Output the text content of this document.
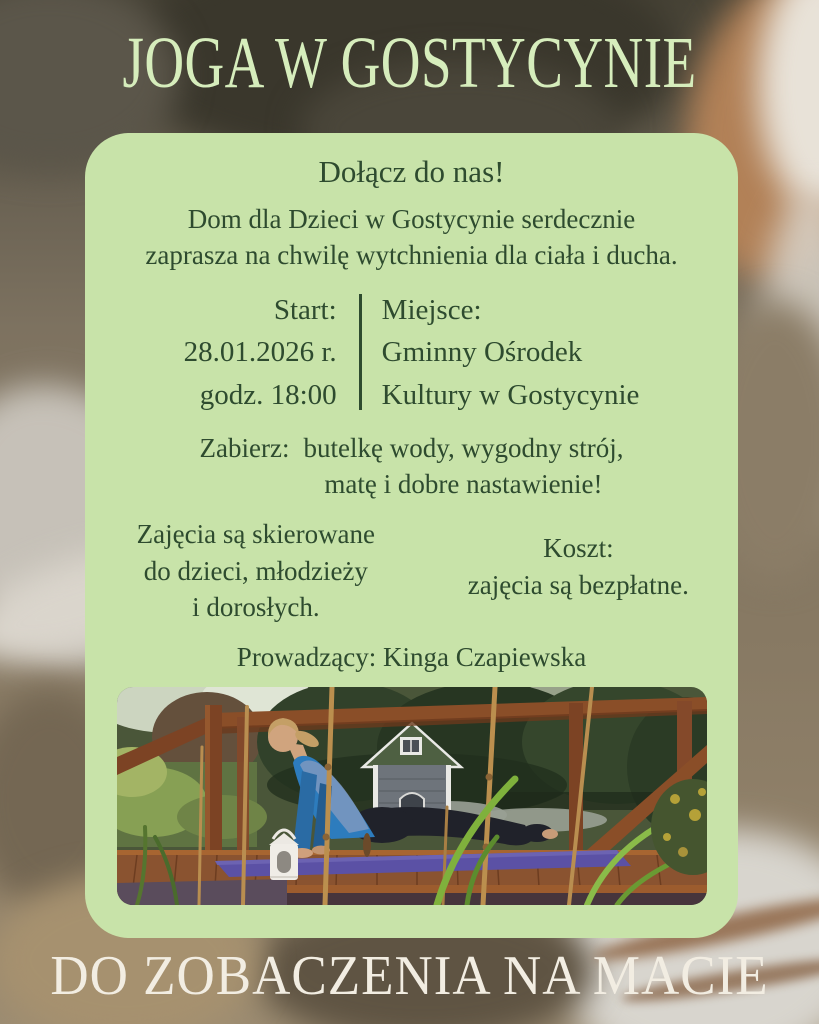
JOGA W GOSTYCYNIE
Dołącz do nas!
Dom dla Dzieci w Gostycynie serdecznie
zaprasza na chwilę wytchnienia dla ciała i ducha.
Start:
28.01.2026 r.
godz. 18:00
Miejsce:
Gminny Ośrodek
Kultury w Gostycynie
Zabierz: butelkę wody, wygodny strój,
matę i dobre nastawienie!
Zajęcia są skierowane
do dzieci, młodzieży
i dorosłych.
Koszt:
zajęcia są bezpłatne.
Prowadzący: Kinga Czapiewska
DO ZOBACZENIA NA MACIE
